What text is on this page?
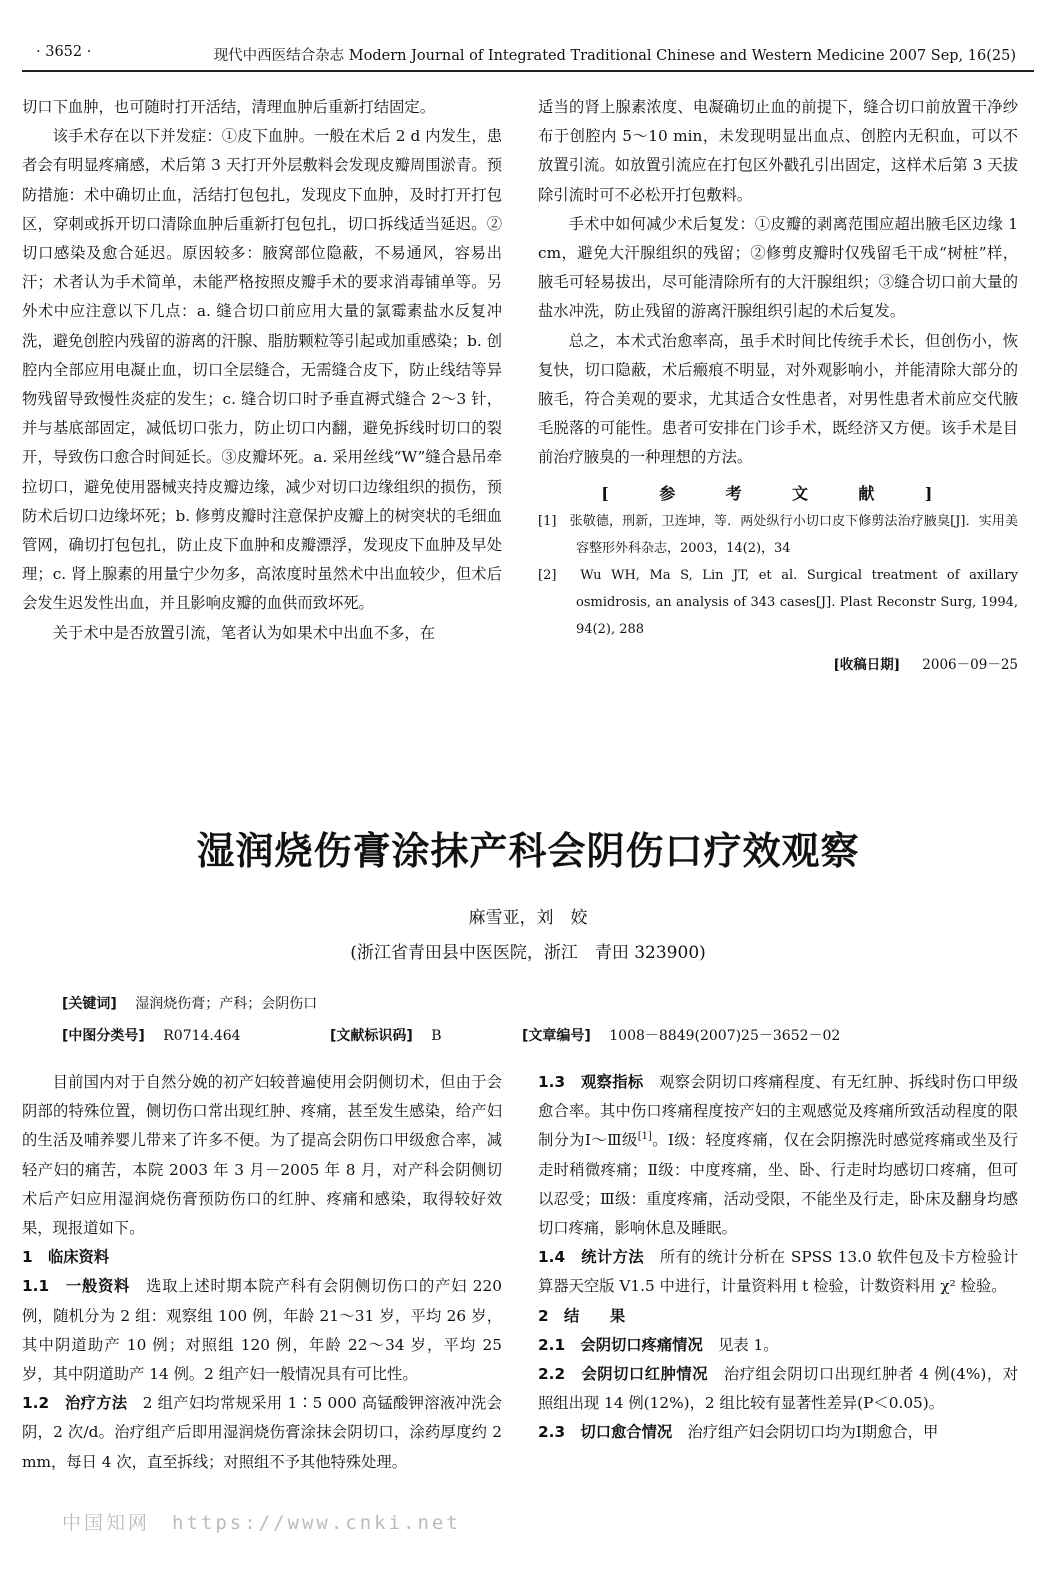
· 3652 ·	现代中西医结合杂志 Modern Journal of Integrated Traditional Chinese and Western Medicine 2007 Sep, 16(25)

切口下血肿，也可随时打开活结，清理血肿后重新打结固定。

该手术存在以下并发症：①皮下血肿。一般在术后 2 d 内发生，患者会有明显疼痛感，术后第 3 天打开外层敷料会发现皮瓣周围淤青。预防措施：术中确切止血，活结打包包扎，发现皮下血肿，及时打开打包区，穿刺或拆开切口清除血肿后重新打包包扎，切口拆线适当延迟。②切口感染及愈合延迟。原因较多：腋窝部位隐蔽，不易通风，容易出汗；术者认为手术简单，未能严格按照皮瓣手术的要求消毒铺单等。另外术中应注意以下几点：a. 缝合切口前应用大量的氯霉素盐水反复冲洗，避免创腔内残留的游离的汗腺、脂肪颗粒等引起或加重感染；b. 创腔内全部应用电凝止血，切口全层缝合，无需缝合皮下，防止线结等异物残留导致慢性炎症的发生；c. 缝合切口时予垂直褥式缝合 2～3 针，并与基底部固定，减低切口张力，防止切口内翻，避免拆线时切口的裂开，导致伤口愈合时间延长。③皮瓣坏死。a. 采用丝线“W”缝合悬吊牵拉切口，避免使用器械夹持皮瓣边缘，减少对切口边缘组织的损伤，预防术后切口边缘坏死；b. 修剪皮瓣时注意保护皮瓣上的树突状的毛细血管网，确切打包包扎，防止皮下血肿和皮瓣漂浮，发现皮下血肿及早处理；c. 肾上腺素的用量宁少勿多，高浓度时虽然术中出血较少，但术后会发生迟发性出血，并且影响皮瓣的血供而致坏死。

关于术中是否放置引流，笔者认为如果术中出血不多，在

适当的肾上腺素浓度、电凝确切止血的前提下，缝合切口前放置干净纱布于创腔内 5～10 min，未发现明显出血点、创腔内无积血，可以不放置引流。如放置引流应在打包区外戳孔引出固定，这样术后第 3 天拔除引流时可不必松开打包敷料。

手术中如何减少术后复发：①皮瓣的剥离范围应超出腋毛区边缘 1 cm，避免大汗腺组织的残留；②修剪皮瓣时仅残留毛干成“树桩”样，腋毛可轻易拔出，尽可能清除所有的大汗腺组织；③缝合切口前大量的盐水冲洗，防止残留的游离汗腺组织引起的术后复发。

总之，本术式治愈率高，虽手术时间比传统手术长，但创伤小，恢复快，切口隐蔽，术后瘢痕不明显，对外观影响小，并能清除大部分的腋毛，符合美观的要求，尤其适合女性患者，对男性患者术前应交代腋毛脱落的可能性。患者可安排在门诊手术，既经济又方便。该手术是目前治疗腋臭的一种理想的方法。

[ 参 考 文 献 ]
[1]　张敬德，刑新，卫连坤，等．两处纵行小切口皮下修剪法治疗腋臭[J]．实用美容整形外科杂志，2003，14(2)，34
[2]　Wu WH, Ma S, Lin JT, et al. Surgical treatment of axillary osmidrosis, an analysis of 343 cases[J]. Plast Reconstr Surg, 1994, 94(2), 288
[收稿日期]   2006－09－25
湿润烧伤膏涂抹产科会阴伤口疗效观察
麻雪亚，刘　姣
(浙江省青田县中医医院，浙江　青田 323900)
[关键词]   湿润烧伤膏；产科；会阴伤口
[中图分类号]   R0714.464	[文献标识码]   B	[文章编号]   1008－8849(2007)25－3652－02

目前国内对于自然分娩的初产妇较普遍使用会阴侧切术，但由于会阴部的特殊位置，侧切伤口常出现红肿、疼痛，甚至发生感染，给产妇的生活及哺养婴儿带来了许多不便。为了提高会阴伤口甲级愈合率，减轻产妇的痛苦，本院 2003 年 3 月－2005 年 8 月，对产科会阴侧切术后产妇应用湿润烧伤膏预防伤口的红肿、疼痛和感染，取得较好效果，现报道如下。

1　临床资料

1.1　一般资料  选取上述时期本院产科有会阴侧切伤口的产妇 220 例，随机分为 2 组：观察组 100 例，年龄 21～31 岁，平均 26 岁，其中阴道助产 10 例；对照组 120 例，年龄 22～34 岁，平均 25 岁，其中阴道助产 14 例。2 组产妇一般情况具有可比性。

1.2　治疗方法  2 组产妇均常规采用 1∶5 000 高锰酸钾溶液冲洗会阴，2 次/d。治疗组产后即用湿润烧伤膏涂抹会阴切口，涂药厚度约 2 mm，每日 4 次，直至拆线；对照组不予其他特殊处理。

1.3　观察指标  观察会阴切口疼痛程度、有无红肿、拆线时伤口甲级愈合率。其中伤口疼痛程度按产妇的主观感觉及疼痛所致活动程度的限制分为Ⅰ～Ⅲ级[1]。Ⅰ级：轻度疼痛，仅在会阴擦洗时感觉疼痛或坐及行走时稍微疼痛；Ⅱ级：中度疼痛，坐、卧、行走时均感切口疼痛，但可以忍受；Ⅲ级：重度疼痛，活动受限，不能坐及行走，卧床及翻身均感切口疼痛，影响休息及睡眠。

1.4　统计方法  所有的统计分析在 SPSS 13.0 软件包及卡方检验计算器天空版 V1.5 中进行，计量资料用 t 检验，计数资料用 χ² 检验。

2　结　　果

2.1　会阴切口疼痛情况  见表 1。

2.2　会阴切口红肿情况  治疗组会阴切口出现红肿者 4 例(4%)，对照组出现 14 例(12%)，2 组比较有显著性差异(P＜0.05)。

2.3　切口愈合情况  治疗组产妇会阴切口均为Ⅰ期愈合，甲

中国知网　https://www.cnki.net
